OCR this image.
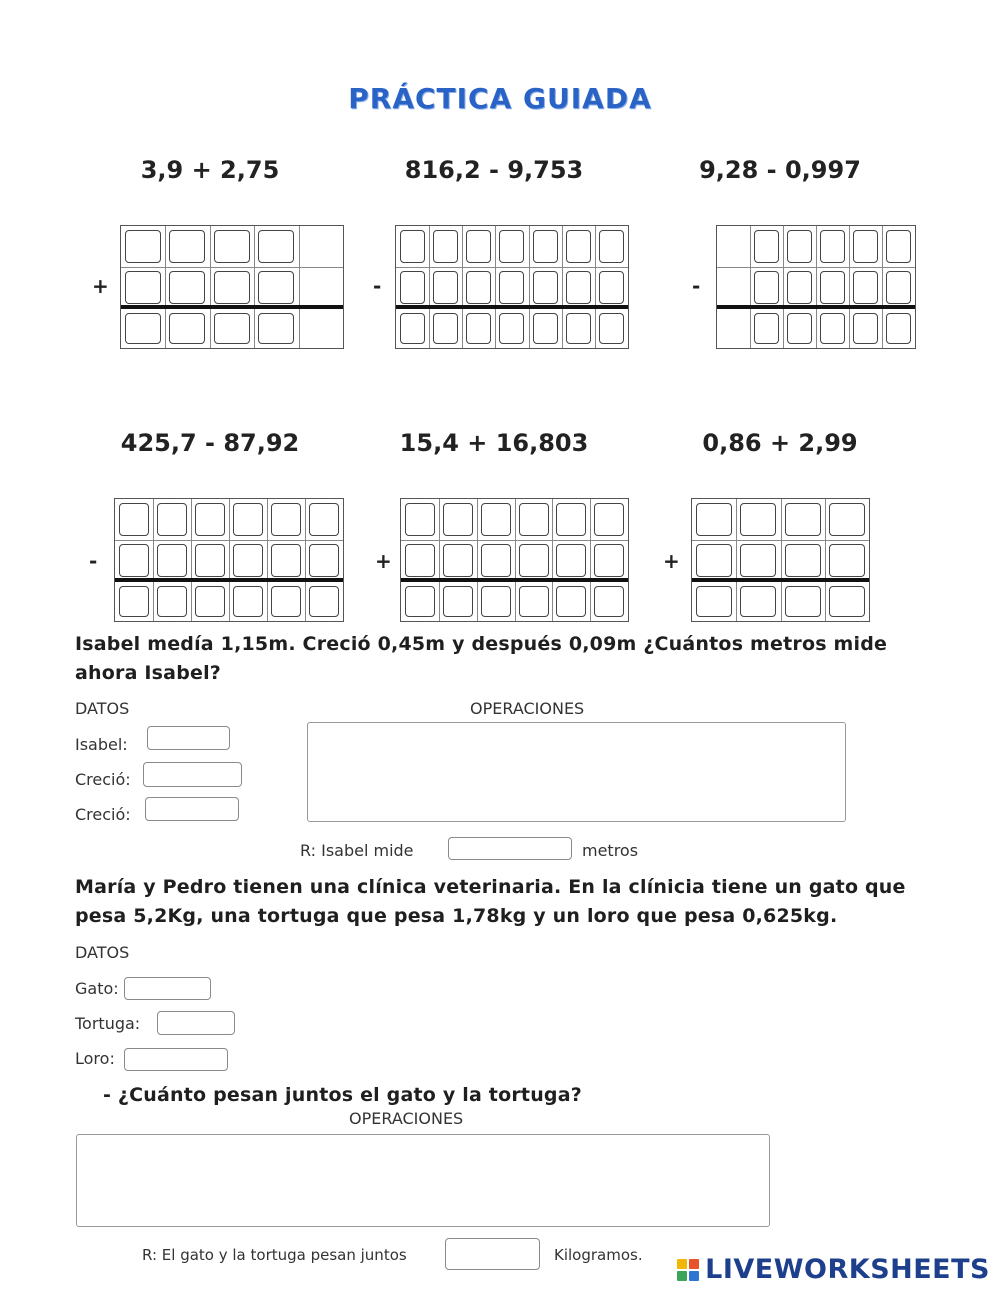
PRÁCTICA GUIADA
3,9 + 2,75	816,2 - 9,753	9,28 - 0,997
+	-	-
425,7 - 87,92	15,4 + 16,803	0,86 + 2,99
-	+	+
Isabel medía 1,15m. Creció 0,45m y después 0,09m ¿Cuántos metros mide ahora Isabel?
DATOS	OPERACIONES
Isabel:
Creció:
Creció:
R: Isabel mide	metros
María y Pedro tienen una clínica veterinaria. En la clínicia tiene un gato que pesa 5,2Kg, una tortuga que pesa 1,78kg y un loro que pesa 0,625kg.
DATOS
Gato:
Tortuga:
Loro:
- ¿Cuánto pesan juntos el gato y la tortuga?
OPERACIONES
R: El gato y la tortuga pesan juntos	Kilogramos. LIVEWORKSHEETS
